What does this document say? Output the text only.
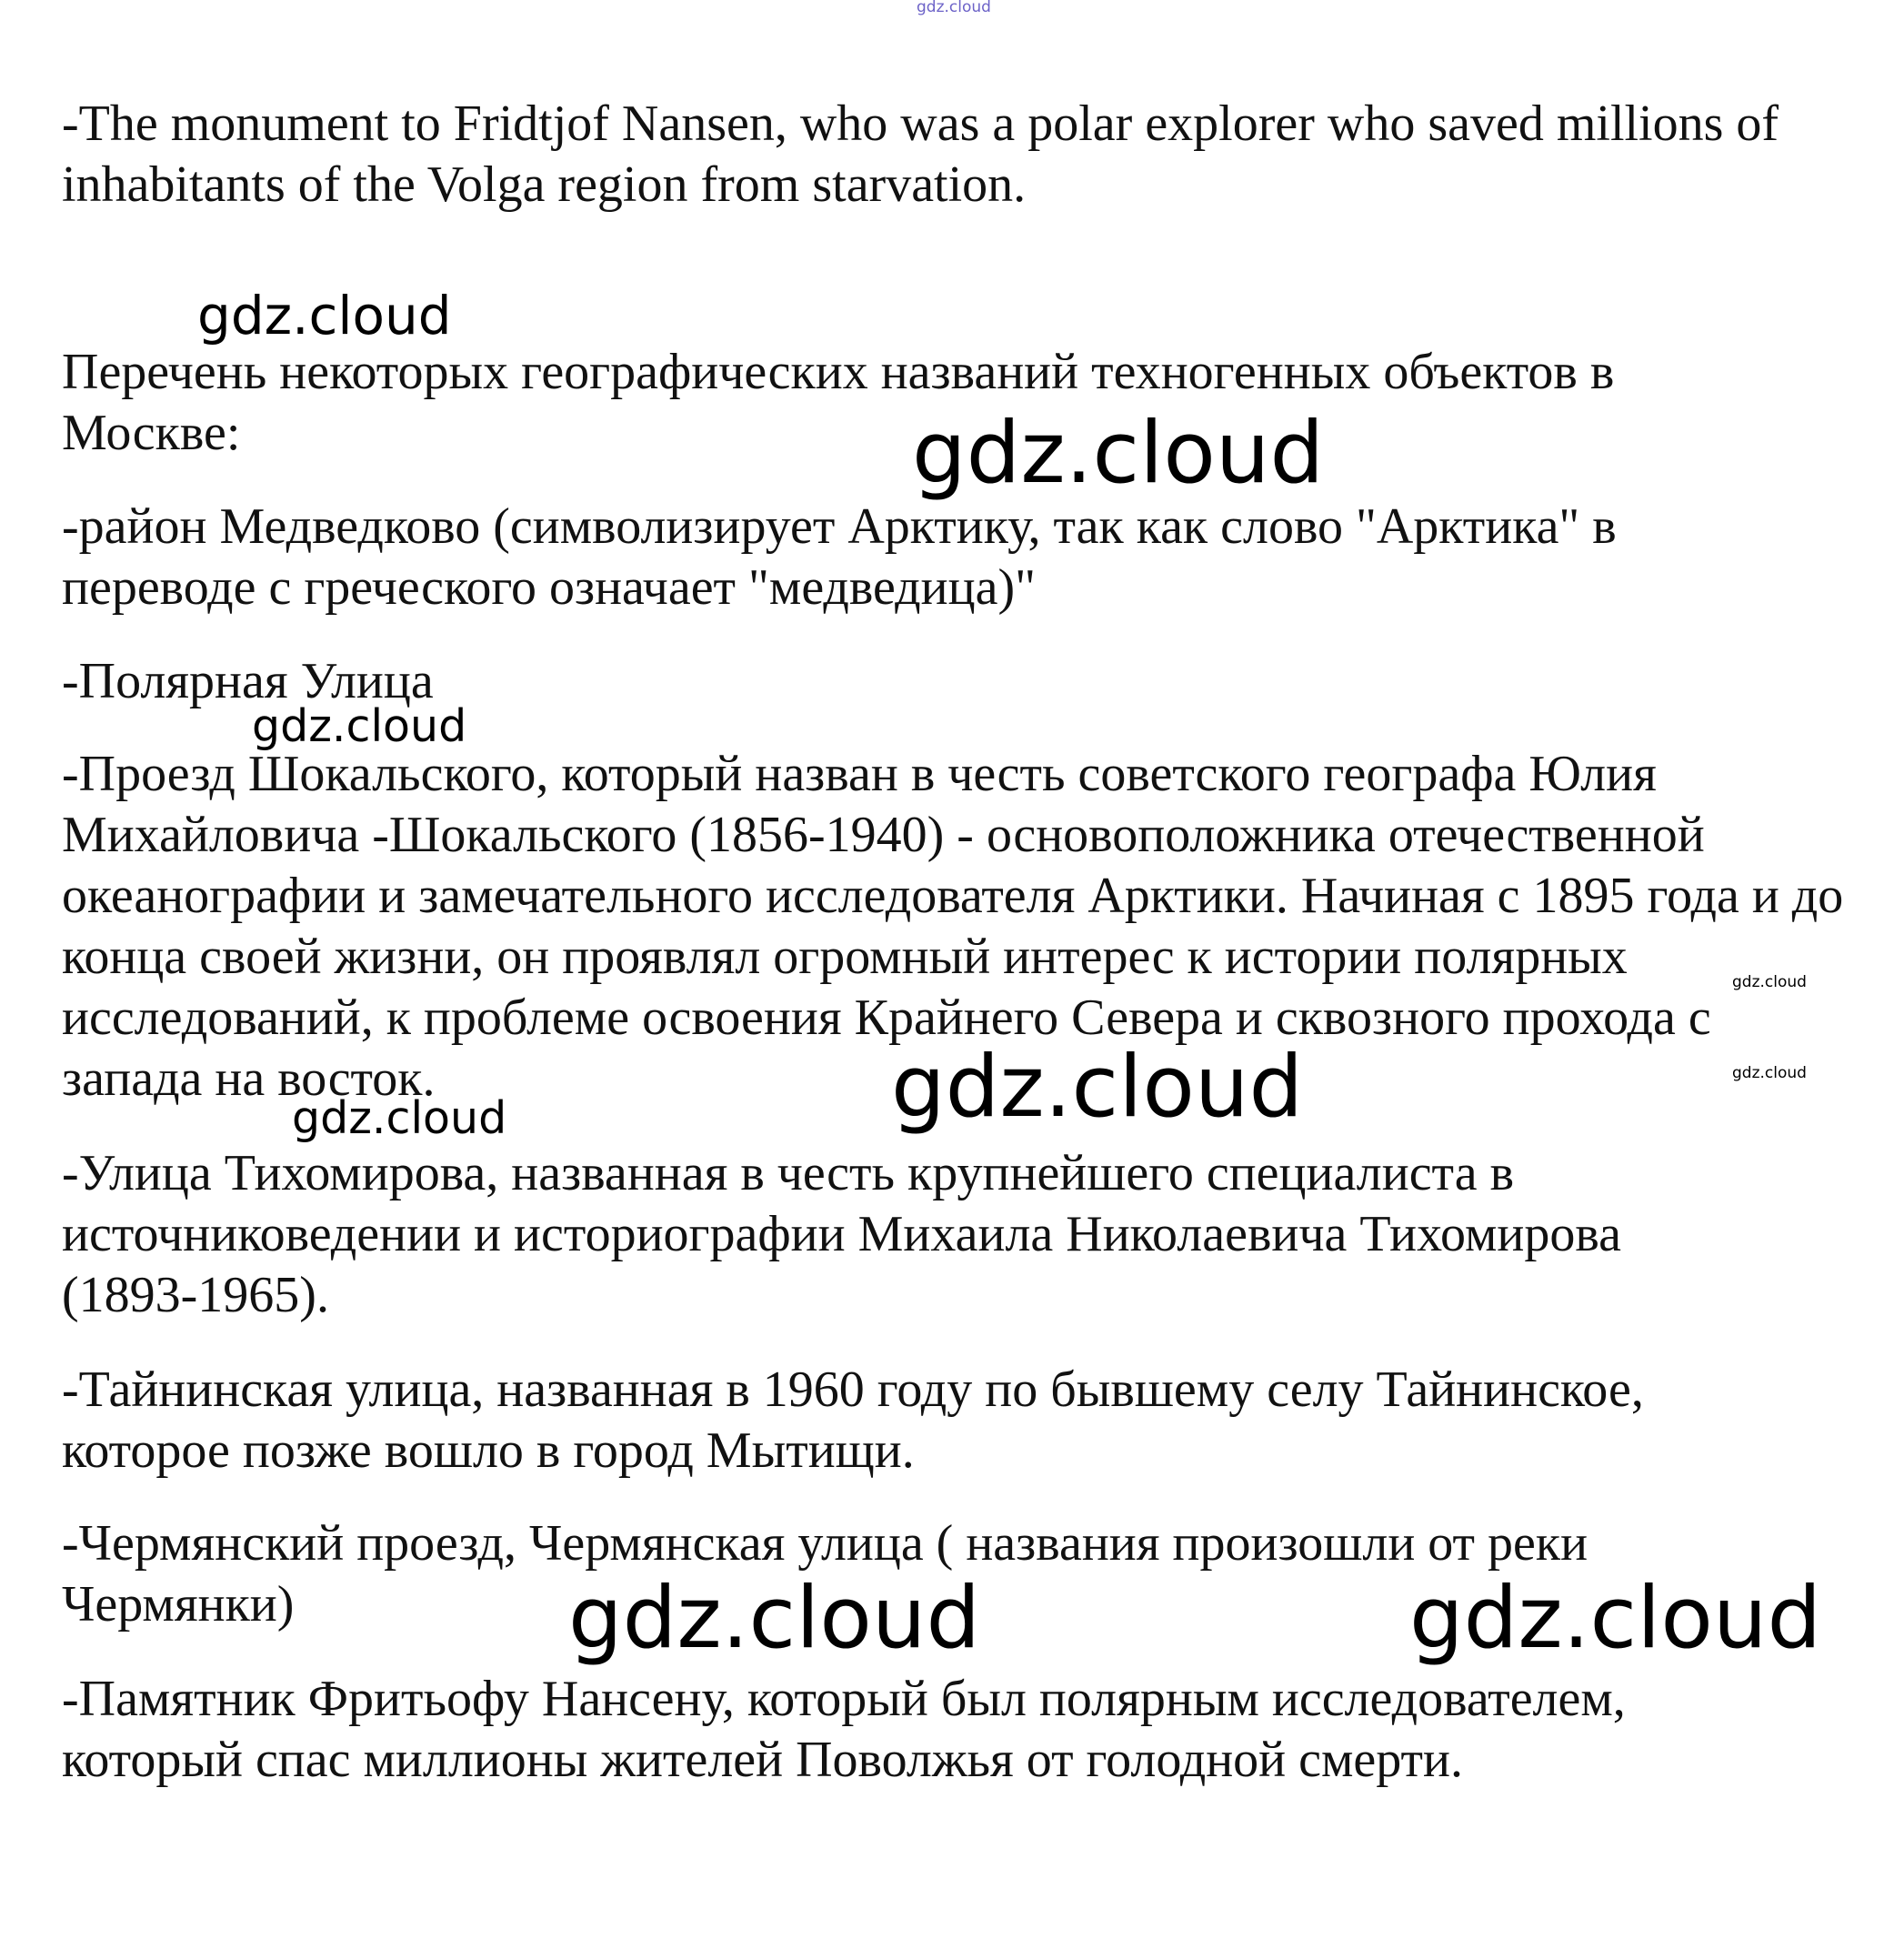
-The monument to Fridtjof Nansen, who was a polar explorer who saved millions of inhabitants of the Volga region from starvation.

Перечень некоторых географических названий техногенных объектов в Москве:

-район Медведково (символизирует Арктику, так как слово "Арктика" в переводе с греческого означает "медведица)"

-Полярная Улица

-Проезд Шокальского, который назван в честь советского географа Юлия Михайловича -Шокальского (1856-1940) - основоположника отечественной океанографии и замечательного исследователя Арктики. Начиная с 1895 года и до конца своей жизни, он проявлял огромный интерес к истории полярных исследований, к проблеме освоения Крайнего Севера и сквозного прохода с запада на восток.

-Улица Тихомирова, названная в честь крупнейшего специалиста в источниковедении и историографии Михаила Николаевича Тихомирова (1893-1965).

-Тайнинская улица, названная в 1960 году по бывшему селу Тайнинское, которое позже вошло в город Мытищи.

-Чермянский проезд, Чермянская улица ( названия произошли от реки Чермянки)

-Памятник Фритьофу Нансену, который был полярным исследователем, который спас миллионы жителей Поволжья от голодной смерти.

gdz.cloud
gdz.cloud
gdz.cloud
gdz.cloud
gdz.cloud
gdz.cloud
gdz.cloud
gdz.cloud
gdz.cloud	gdz.cloud
